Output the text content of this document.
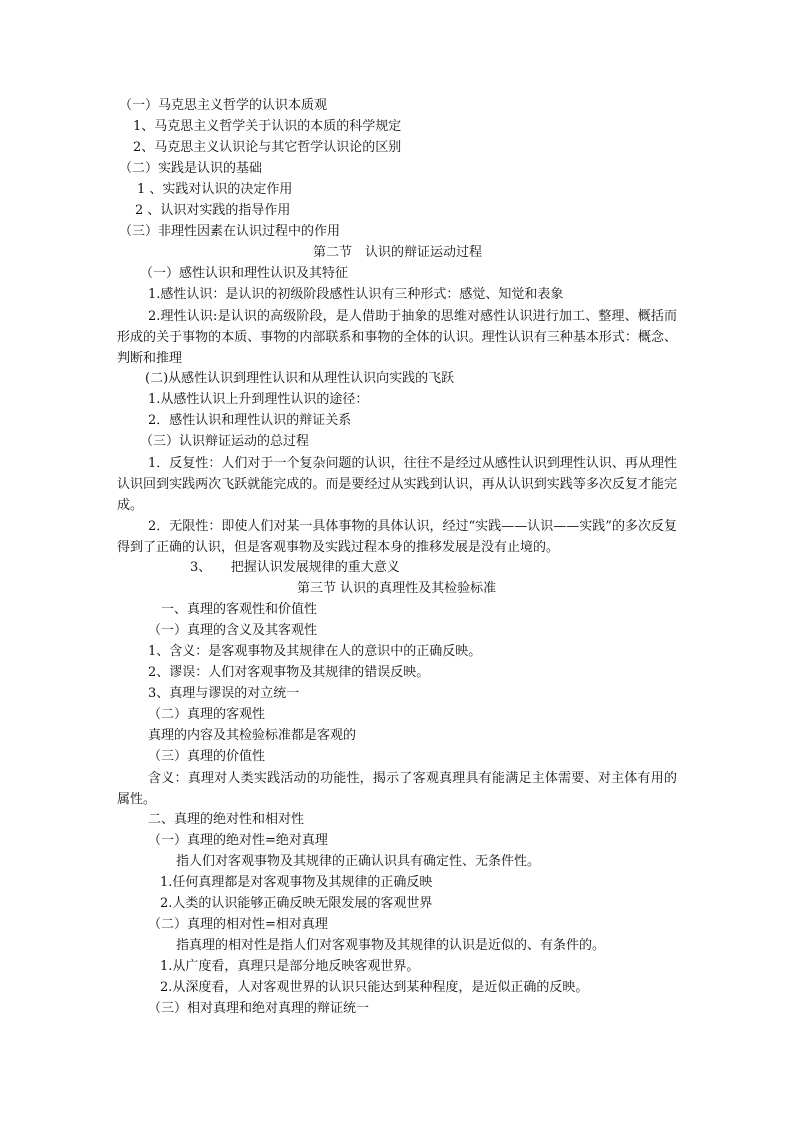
（一）马克思主义哲学的认识本质观
1、马克思主义哲学关于认识的本质的科学规定
2、马克思主义认识论与其它哲学认识论的区别
（二）实践是认识的基础
1 、实践对认识的决定作用
2 、认识对实践的指导作用
（三）非理性因素在认识过程中的作用
第二节　认识的辩证运动过程
（一）感性认识和理性认识及其特征
1.感性认识：是认识的初级阶段感性认识有三种形式：感觉、知觉和表象
2.理性认识:是认识的高级阶段，是人借助于抽象的思维对感性认识进行加工、整理、概括而形成的关于事物的本质、事物的内部联系和事物的全体的认识。理性认识有三种基本形式：概念、判断和推理
(二)从感性认识到理性认识和从理性认识向实践的飞跃
1.从感性认识上升到理性认识的途径：
2．感性认识和理性认识的辩证关系
（三）认识辩证运动的总过程
1．反复性：人们对于一个复杂问题的认识，往往不是经过从感性认识到理性认识、再从理性认识回到实践两次飞跃就能完成的。而是要经过从实践到认识，再从认识到实践等多次反复才能完成。
2．无限性：即使人们对某一具体事物的具体认识，经过“实践——认识——实践”的多次反复得到了正确的认识，但是客观事物及实践过程本身的推移发展是没有止境的。
3、　　把握认识发展规律的重大意义
第三节 认识的真理性及其检验标准
一、真理的客观性和价值性
（一）真理的含义及其客观性
1、含义：是客观事物及其规律在人的意识中的正确反映。
2、谬误：人们对客观事物及其规律的错误反映。
3、真理与谬误的对立统一
（二）真理的客观性
真理的内容及其检验标准都是客观的
（三）真理的价值性
含义：真理对人类实践活动的功能性，揭示了客观真理具有能满足主体需要、对主体有用的属性。
二、真理的绝对性和相对性
（一）真理的绝对性=绝对真理
指人们对客观事物及其规律的正确认识具有确定性、无条件性。
1.任何真理都是对客观事物及其规律的正确反映
2.人类的认识能够正确反映无限发展的客观世界
（二）真理的相对性=相对真理
指真理的相对性是指人们对客观事物及其规律的认识是近似的、有条件的。
1.从广度看，真理只是部分地反映客观世界。
2.从深度看，人对客观世界的认识只能达到某种程度，是近似正确的反映。
（三）相对真理和绝对真理的辩证统一
